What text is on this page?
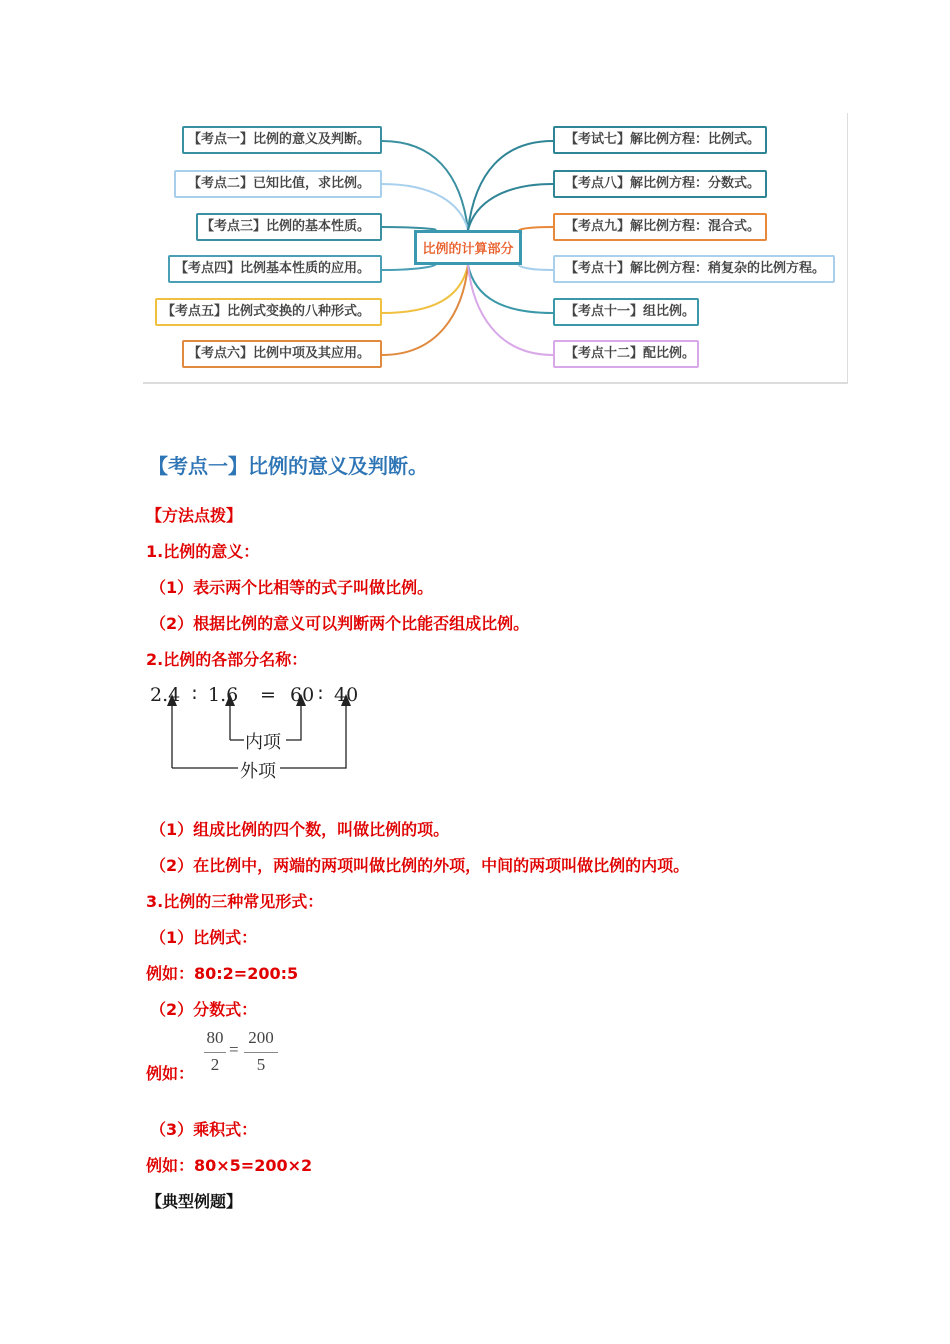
【考点一】比例的意义及判断。
【考点二】已知比值，求比例。
【考点三】比例的基本性质。
【考点四】比例基本性质的应用。
【考点五】比例式变换的八种形式。
【考点六】比例中项及其应用。
比例的计算部分
【考试七】解比例方程：比例式。
【考点八】解比例方程：分数式。
【考点九】解比例方程：混合式。
【考点十】解比例方程：稍复杂的比例方程。
【考点十一】组比例。
【考点十二】配比例。
【考点一】比例的意义及判断。
【方法点拨】
1.比例的意义：
（1）表示两个比相等的式子叫做比例。
（2）根据比例的意义可以判断两个比能否组成比例。
2.比例的各部分名称：
2.4 ∶ 1.6 = 60 ∶ 40
内项
外项
（1）组成比例的四个数，叫做比例的项。
（2）在比例中，两端的两项叫做比例的外项，中间的两项叫做比例的内项。
3.比例的三种常见形式：
（1）比例式：
例如：80:2=200:5
（2）分数式：
例如：
80
2
=
200
5
（3）乘积式：
例如：80×5=200×2
【典型例题】
